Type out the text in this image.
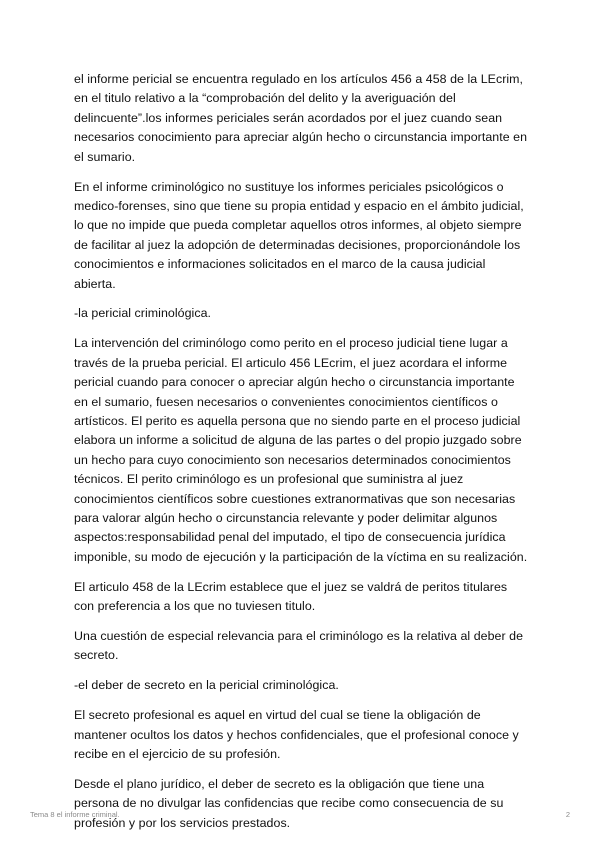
el informe pericial se encuentra regulado en los artículos 456 a 458 de la LEcrim, en el titulo relativo a la “comprobación del delito y la averiguación del delincuente”.los informes periciales serán acordados por el juez cuando sean necesarios conocimiento para apreciar algún hecho o circunstancia importante en el sumario.

En el informe criminológico no sustituye los informes periciales psicológicos o medico-forenses, sino que tiene su propia entidad y espacio en el ámbito judicial, lo que no impide que pueda completar aquellos otros informes, al objeto siempre de facilitar al juez la adopción de determinadas decisiones, proporcionándole los conocimientos e informaciones solicitados en el marco de la causa judicial abierta.

-la pericial criminológica.

La intervención del criminólogo como perito en el proceso judicial tiene lugar a través de la prueba pericial. El articulo 456 LEcrim, el juez acordara el informe pericial cuando para conocer o apreciar algún hecho o circunstancia importante en el sumario, fuesen necesarios o convenientes conocimientos científicos o artísticos. El perito es aquella persona que no siendo parte en el proceso judicial elabora un informe a solicitud de alguna de las partes o del propio juzgado sobre un hecho para cuyo conocimiento son necesarios determinados conocimientos técnicos. El perito criminólogo es un profesional que suministra al juez conocimientos científicos sobre cuestiones extranormativas que son necesarias para valorar algún hecho o circunstancia relevante y poder delimitar algunos aspectos:responsabilidad penal del imputado, el tipo de consecuencia jurídica imponible, su modo de ejecución y la participación de la víctima en su realización.

El articulo 458 de la LEcrim establece que el juez se valdrá de peritos titulares con preferencia a los que no tuviesen titulo.

Una cuestión de especial relevancia para el criminólogo es la relativa al deber de secreto.

-el deber de secreto en la pericial criminológica.

El secreto profesional es aquel en virtud del cual se tiene la obligación de mantener ocultos los datos y hechos confidenciales, que el profesional conoce y recibe en el ejercicio de su profesión.

Desde el plano jurídico, el deber de secreto es la obligación que tiene una persona de no divulgar las confidencias que recibe como consecuencia de su profesión y por los servicios prestados.

Tema 8 el informe criminal.	2
